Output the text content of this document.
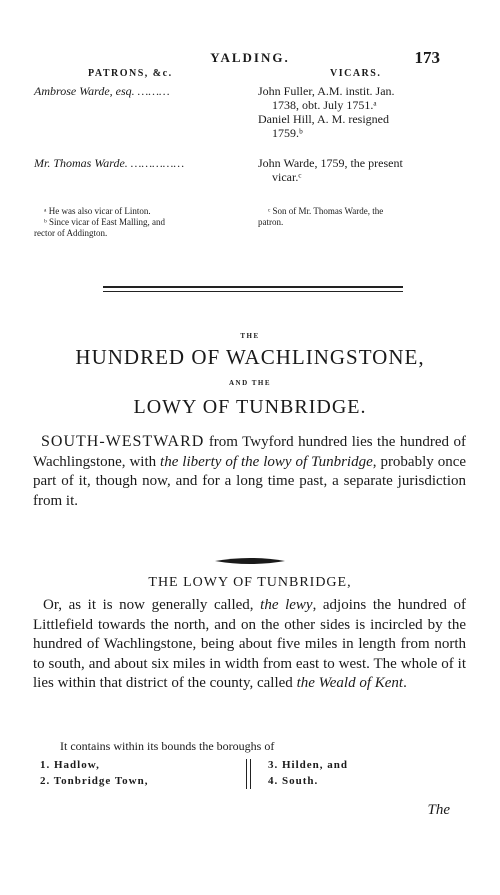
YALDING.	173
PATRONS, &c.	VICARS.
Ambrose Warde, esq. ………	John Fuller, A.M. instit. Jan.
1738, obt. July 1751.ᵃ
Daniel Hill, A. M. resigned
1759.ᵇ
Mr. Thomas Warde. ……………	John Warde, 1759, the present
vicar.ᶜ
ᵃ He was also vicar of Linton.
ᵇ Since vicar of East Malling, and
rector of Addington.
ᶜ Son of Mr. Thomas Warde, the
patron.
THE
HUNDRED OF WACHLINGSTONE,
AND THE
LOWY OF TUNBRIDGE.
SOUTH-WESTWARD from Twyford hundred lies the hundred of Wachlingstone, with the liberty of the lowy of Tunbridge, probably once part of it, though now, and for a long time past, a separate jurisdiction from it.
THE LOWY OF TUNBRIDGE,
Or, as it is now generally called, the lewy, adjoins the hundred of Littlefield towards the north, and on the other sides is incircled by the hundred of Wachlingstone, being about five miles in length from north to south, and about six miles in width from east to west. The whole of it lies within that district of the county, called the Weald of Kent.
It contains within its bounds the boroughs of
1. Hadlow,
2. Tonbridge Town,
3. Hilden, and
4. South.
The
